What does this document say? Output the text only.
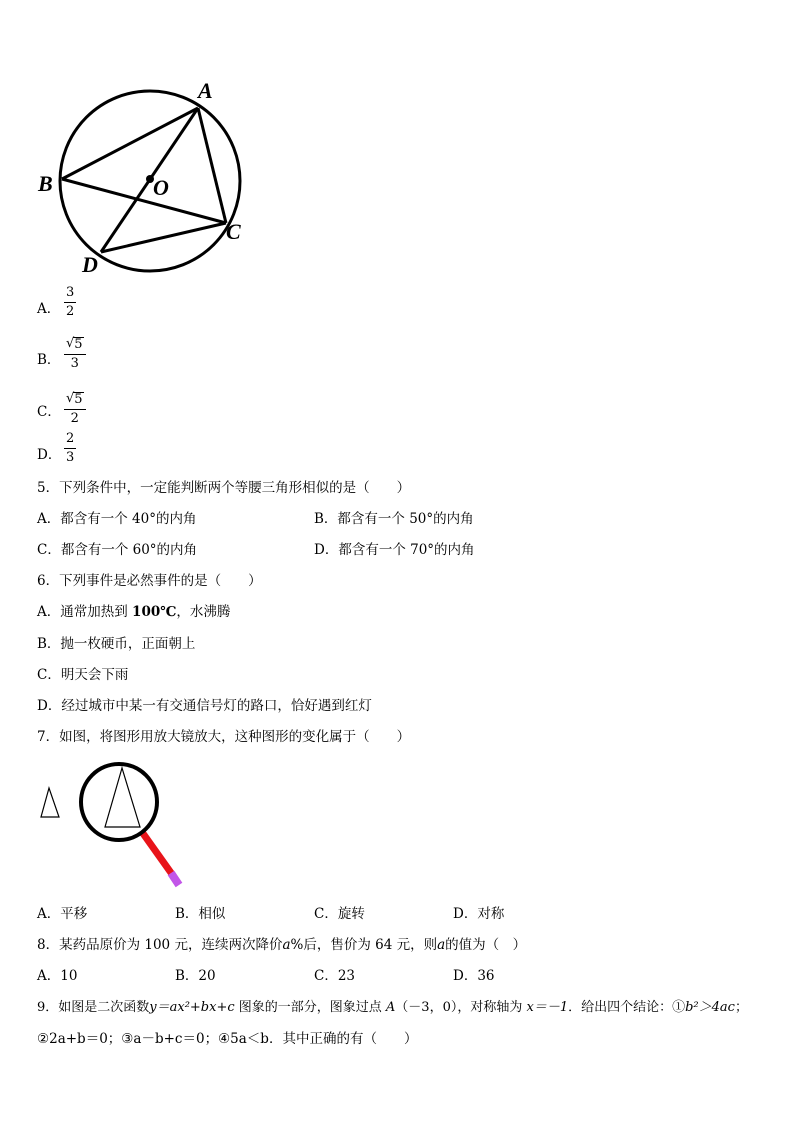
A
B	O
C
D
A．
3
2
B．
√ 5
3
C．
√ 5
2
D．
2
3
5．下列条件中，一定能判断两个等腰三角形相似的是（　　）
A．都含有一个 40°的内角	B．都含有一个 50°的内角
C．都含有一个 60°的内角	D．都含有一个 70°的内角
6．下列事件是必然事件的是（　　）
A．通常加热到 100℃，水沸腾
B．抛一枚硬币，正面朝上
C．明天会下雨
D．经过城市中某一有交通信号灯的路口，恰好遇到红灯
7．如图，将图形用放大镜放大，这种图形的变化属于（　　）
A．平移	B．相似	C．旋转	D．对称
8．某药品原价为 100 元，连续两次降价a%后，售价为 64 元，则a的值为（　）
A．10	B．20	C．23	D．36
9．如图是二次函数y＝ax²+bx+c 图象的一部分，图象过点 A（－3，0），对称轴为 x＝－1．给出四个结论：①b²＞4ac；
②2a+b＝0；③a－b+c＝0；④5a＜b．其中正确的有（　　）
